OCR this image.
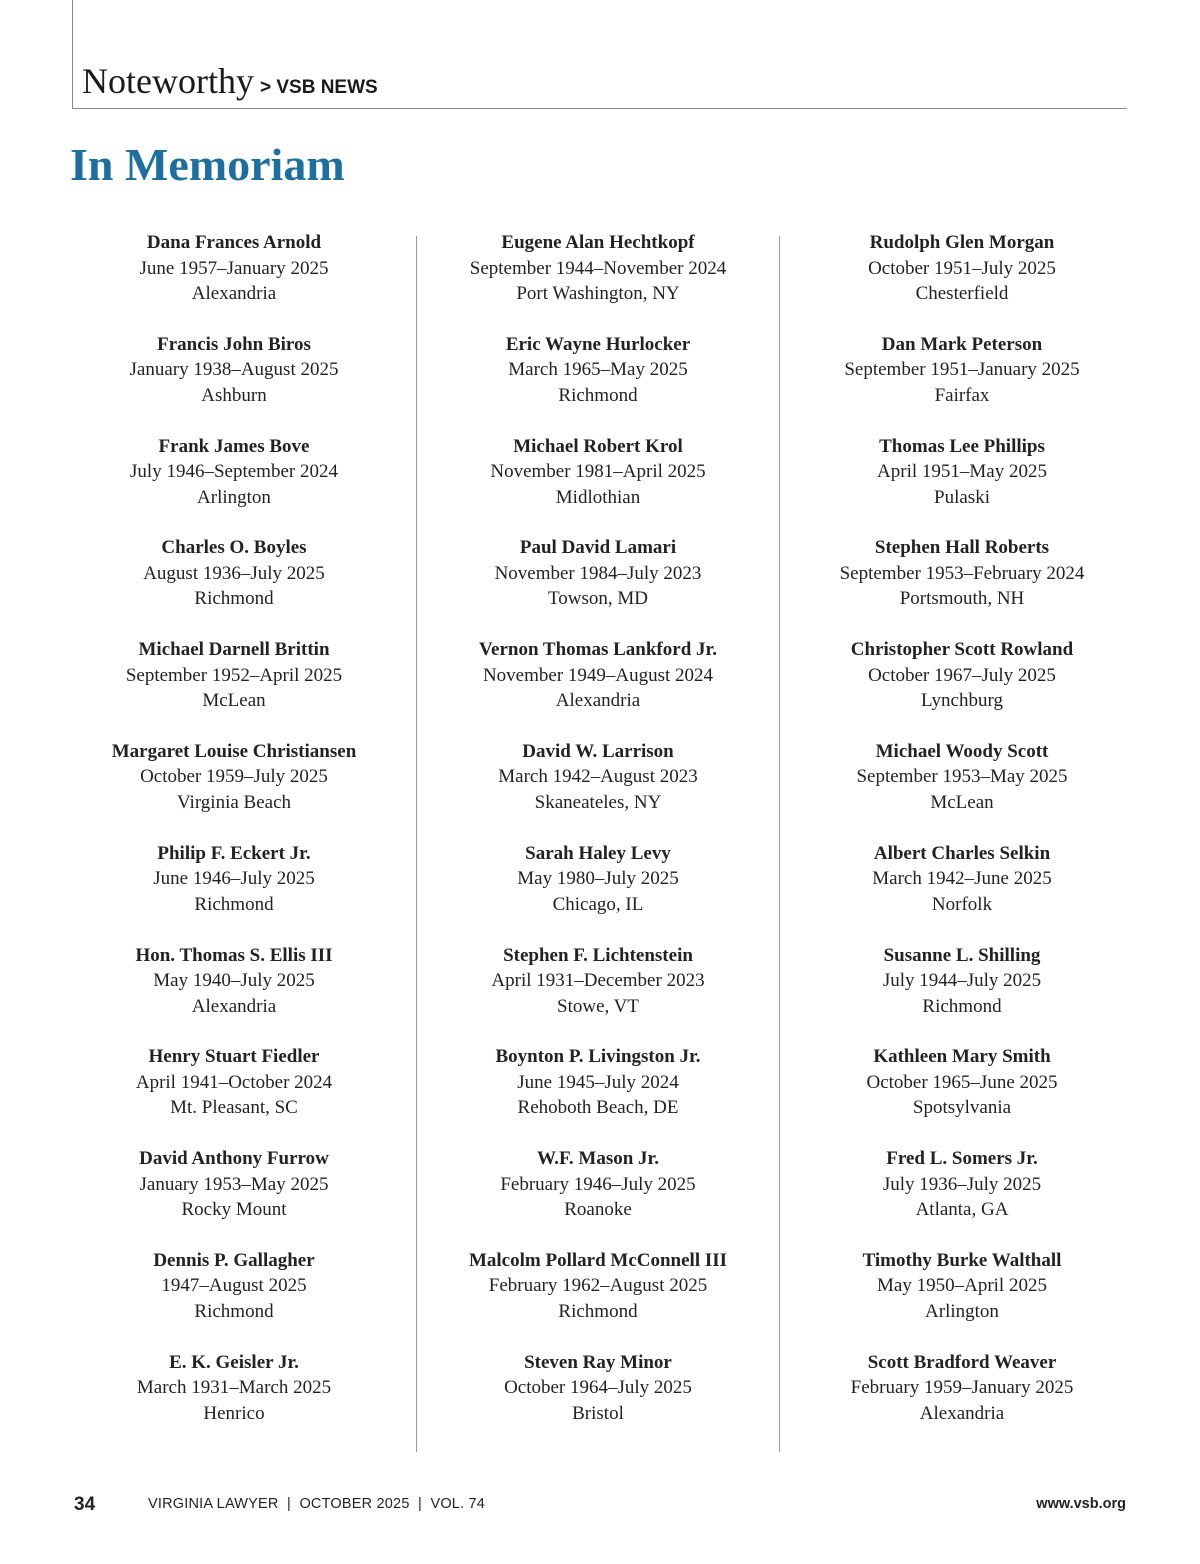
Noteworthy > VSB NEWS
In Memoriam
Dana Frances Arnold
June 1957–January 2025
Alexandria
Francis John Biros
January 1938–August 2025
Ashburn
Frank James Bove
July 1946–September 2024
Arlington
Charles O. Boyles
August 1936–July 2025
Richmond
Michael Darnell Brittin
September 1952–April 2025
McLean
Margaret Louise Christiansen
October 1959–July 2025
Virginia Beach
Philip F. Eckert Jr.
June 1946–July 2025
Richmond
Hon. Thomas S. Ellis III
May 1940–July 2025
Alexandria
Henry Stuart Fiedler
April 1941–October 2024
Mt. Pleasant, SC
David Anthony Furrow
January 1953–May 2025
Rocky Mount
Dennis P. Gallagher
1947–August 2025
Richmond
E. K. Geisler Jr.
March 1931–March 2025
Henrico
Eugene Alan Hechtkopf
September 1944–November 2024
Port Washington, NY
Eric Wayne Hurlocker
March 1965–May 2025
Richmond
Michael Robert Krol
November 1981–April 2025
Midlothian
Paul David Lamari
November 1984–July 2023
Towson, MD
Vernon Thomas Lankford Jr.
November 1949–August 2024
Alexandria
David W. Larrison
March 1942–August 2023
Skaneateles, NY
Sarah Haley Levy
May 1980–July 2025
Chicago, IL
Stephen F. Lichtenstein
April 1931–December 2023
Stowe, VT
Boynton P. Livingston Jr.
June 1945–July 2024
Rehoboth Beach, DE
W.F. Mason Jr.
February 1946–July 2025
Roanoke
Malcolm Pollard McConnell III
February 1962–August 2025
Richmond
Steven Ray Minor
October 1964–July 2025
Bristol
Rudolph Glen Morgan
October 1951–July 2025
Chesterfield
Dan Mark Peterson
September 1951–January 2025
Fairfax
Thomas Lee Phillips
April 1951–May 2025
Pulaski
Stephen Hall Roberts
September 1953–February 2024
Portsmouth, NH
Christopher Scott Rowland
October 1967–July 2025
Lynchburg
Michael Woody Scott
September 1953–May 2025
McLean
Albert Charles Selkin
March 1942–June 2025
Norfolk
Susanne L. Shilling
July 1944–July 2025
Richmond
Kathleen Mary Smith
October 1965–June 2025
Spotsylvania
Fred L. Somers Jr.
July 1936–July 2025
Atlanta, GA
Timothy Burke Walthall
May 1950–April 2025
Arlington
Scott Bradford Weaver
February 1959–January 2025
Alexandria
34	VIRGINIA LAWYER  |  OCTOBER 2025  |  VOL. 74	www.vsb.org
